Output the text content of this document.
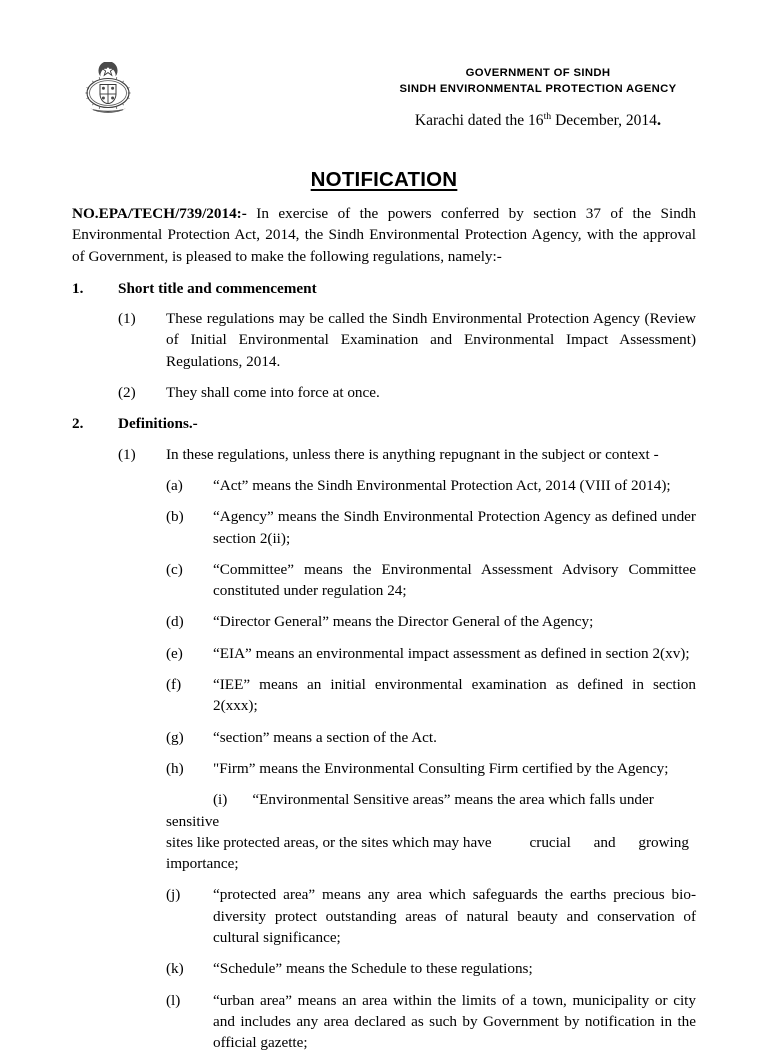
GOVERNMENT OF SINDH
SINDH ENVIRONMENTAL PROTECTION AGENCY
Karachi dated the 16th December, 2014.
NOTIFICATION

NO.EPA/TECH/739/2014:- In exercise of the powers conferred by section 37 of the Sindh Environmental Protection Act, 2014, the Sindh Environmental Protection Agency, with the approval of Government, is pleased to make the following regulations, namely:-

1.	Short title and commencement
(1)	These regulations may be called the Sindh Environmental Protection Agency (Review of Initial Environmental Examination and Environmental Impact Assessment) Regulations, 2014.
(2)	They shall come into force at once.
2.	Definitions.-
(1)	In these regulations, unless there is anything repugnant in the subject or context -
(a)	“Act” means the Sindh Environmental Protection Act, 2014 (VIII of 2014);
(b)	“Agency” means the Sindh Environmental Protection Agency as defined under section 2(ii);
(c)	“Committee” means the Environmental Assessment Advisory Committee constituted under regulation 24;
(d)	“Director General” means the Director General of the Agency;
(e)	“EIA” means an environmental impact assessment as defined in section 2(xv);
(f)	“IEE” means an initial environmental examination as defined in section 2(xxx);
(g)	“section” means a section of the Act.
(h)	"Firm” means the Environmental Consulting Firm certified by the Agency;
(i) “Environmental Sensitive areas” means the area which falls under sensitive
sites like protected areas, or the sites which may have          crucial      and      growing
importance;
(j)	“protected area” means any area which safeguards the earths precious bio-diversity protect outstanding areas of natural beauty and conservation of cultural significance;
(k)	“Schedule” means the Schedule to these regulations;
(l)	“urban area” means an area within the limits of a town, municipality or city and includes any area declared as such by Government by notification in the official gazette;
